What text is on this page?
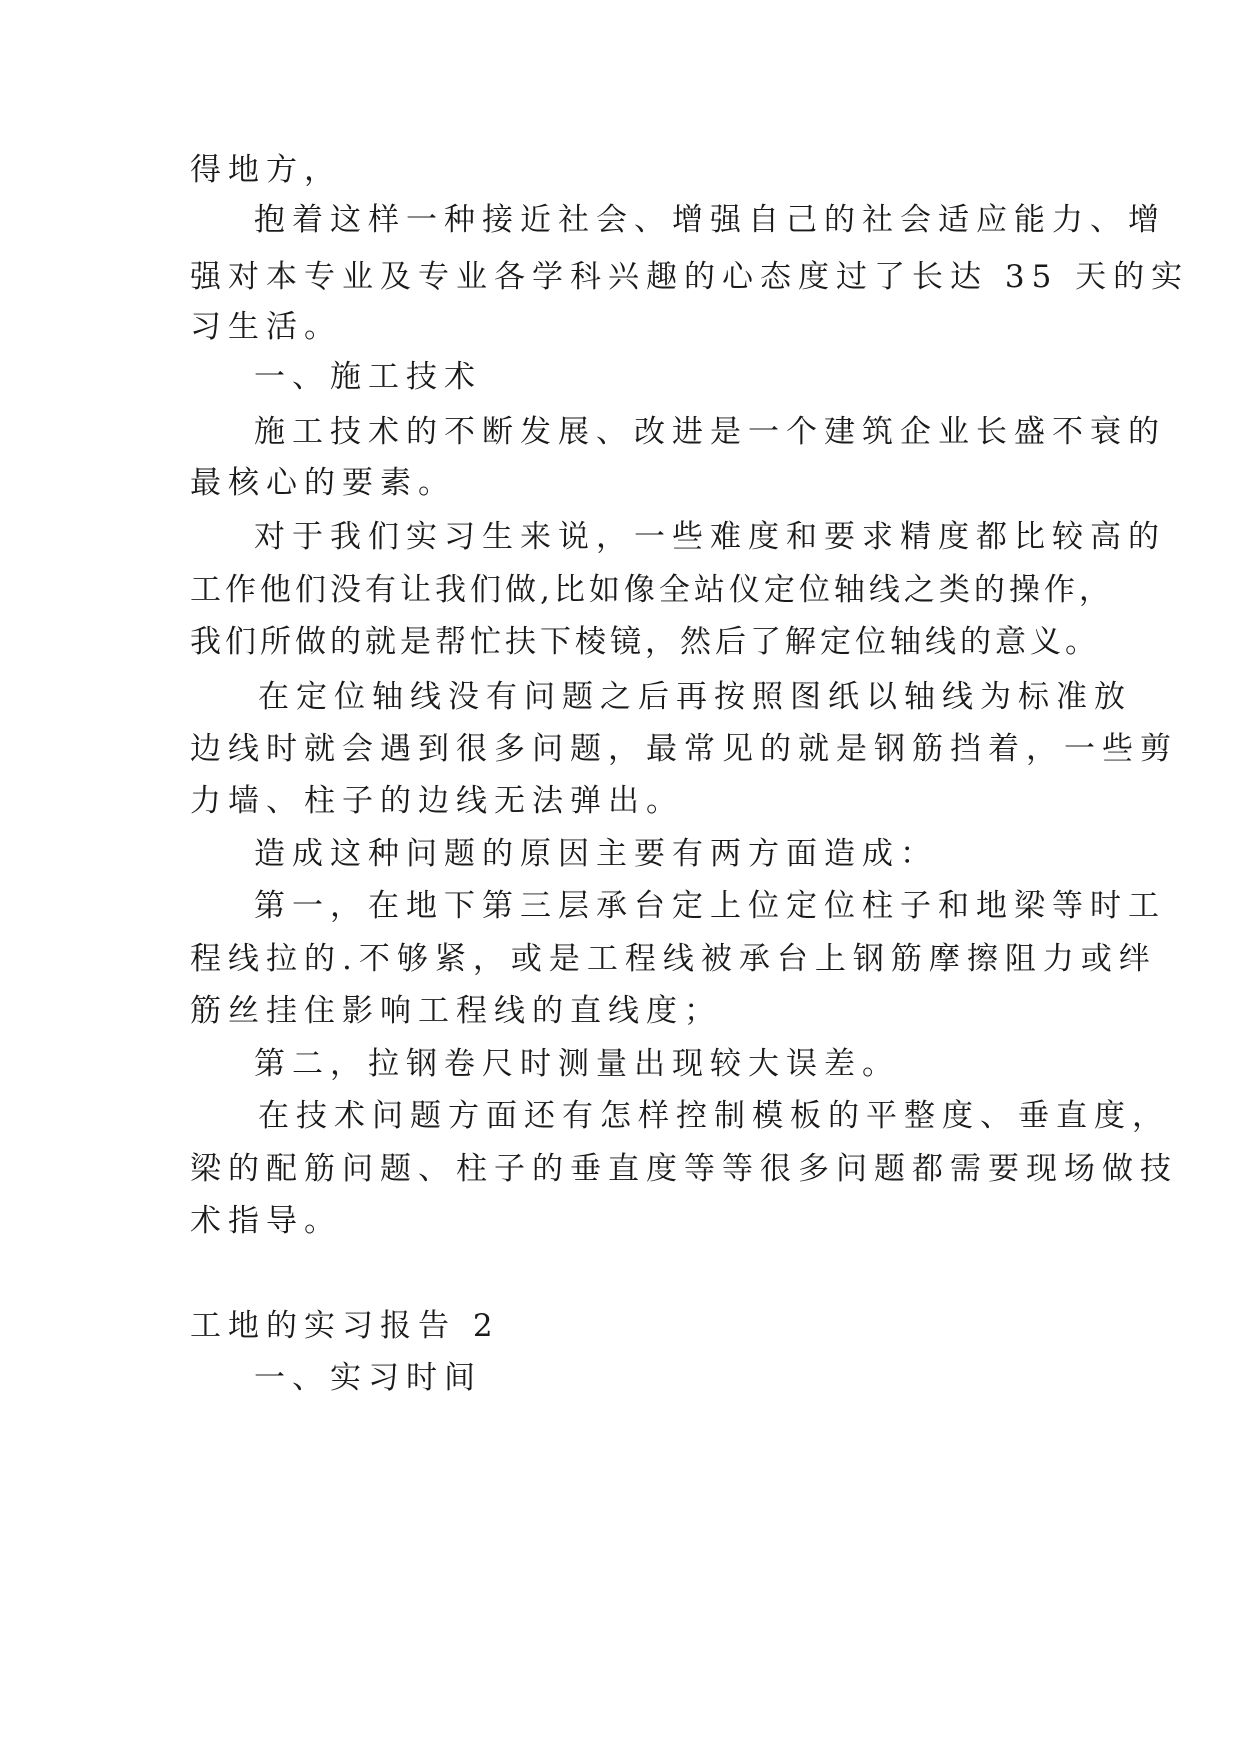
得地方，
抱着这样一种接近社会、增强自己的社会适应能力、增
强对本专业及专业各学科兴趣的心态度过了长达 35 天的实
习生活。
一、施工技术
施工技术的不断发展、改进是一个建筑企业长盛不衰的
最核心的要素。
对于我们实习生来说，一些难度和要求精度都比较高的
工作他们没有让我们做,比如像全站仪定位轴线之类的操作，
我们所做的就是帮忙扶下棱镜，然后了解定位轴线的意义。
在定位轴线没有问题之后再按照图纸以轴线为标准放
边线时就会遇到很多问题，最常见的就是钢筋挡着，一些剪
力墙、柱子的边线无法弹出。
造成这种问题的原因主要有两方面造成：
第一，在地下第三层承台定上位定位柱子和地梁等时工
程线拉的.不够紧，或是工程线被承台上钢筋摩擦阻力或绊
筋丝挂住影响工程线的直线度；
第二，拉钢卷尺时测量出现较大误差。
在技术问题方面还有怎样控制模板的平整度、垂直度，
梁的配筋问题、柱子的垂直度等等很多问题都需要现场做技
术指导。
工地的实习报告 2
一、实习时间
